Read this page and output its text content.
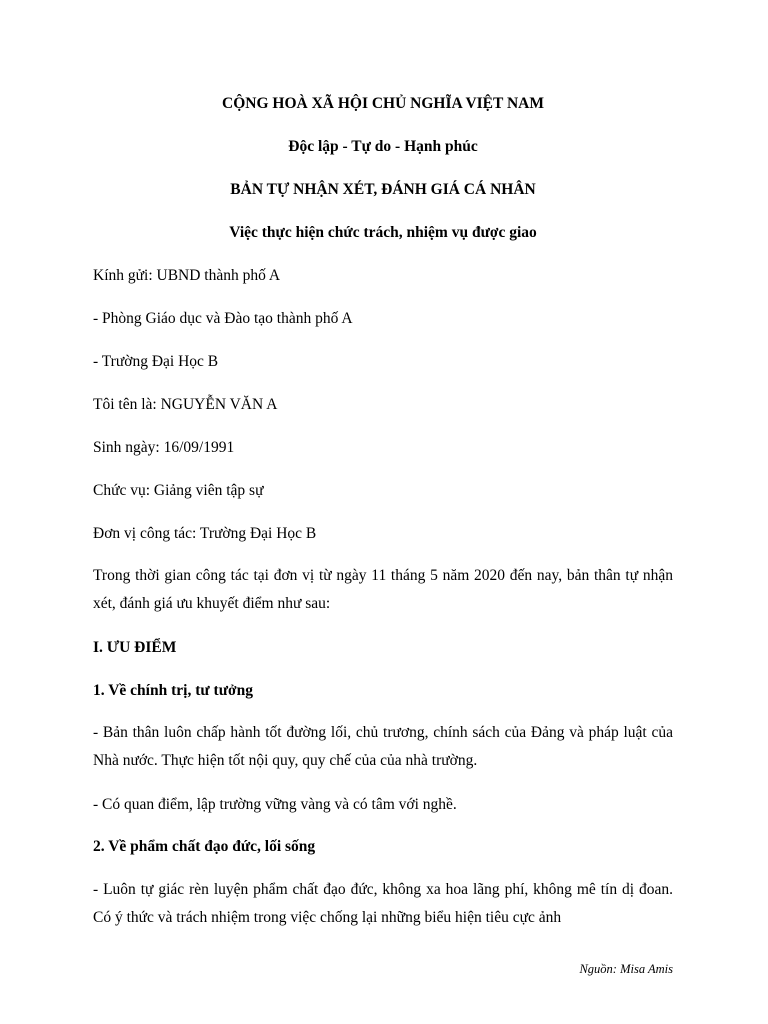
CỘNG HOÀ XÃ HỘI CHỦ NGHĨA VIỆT NAM
Độc lập - Tự do - Hạnh phúc
BẢN TỰ NHẬN XÉT, ĐÁNH GIÁ CÁ NHÂN
Việc thực hiện chức trách, nhiệm vụ được giao
Kính gửi: UBND thành phố A
- Phòng Giáo dục và Đào tạo thành phố A
- Trường Đại Học B
Tôi tên là: NGUYỄN VĂN A
Sinh ngày: 16/09/1991
Chức vụ: Giảng viên tập sự
Đơn vị công tác: Trường Đại Học B
Trong thời gian công tác tại đơn vị từ ngày 11 tháng 5 năm 2020 đến nay, bản thân tự nhận xét, đánh giá ưu khuyết điểm như sau:
I. ƯU ĐIỂM
1. Về chính trị, tư tưởng
- Bản thân luôn chấp hành tốt đường lối, chủ trương, chính sách của Đảng và pháp luật của Nhà nước. Thực hiện tốt nội quy, quy chế của của nhà trường.
- Có quan điểm, lập trường vững vàng và có tâm với nghề.
2. Về phẩm chất đạo đức, lối sống
- Luôn tự giác rèn luyện phẩm chất đạo đức, không xa hoa lãng phí, không mê tín dị đoan. Có ý thức và trách nhiệm trong việc chống lại những biểu hiện tiêu cực ảnh
Nguồn: Misa Amis
